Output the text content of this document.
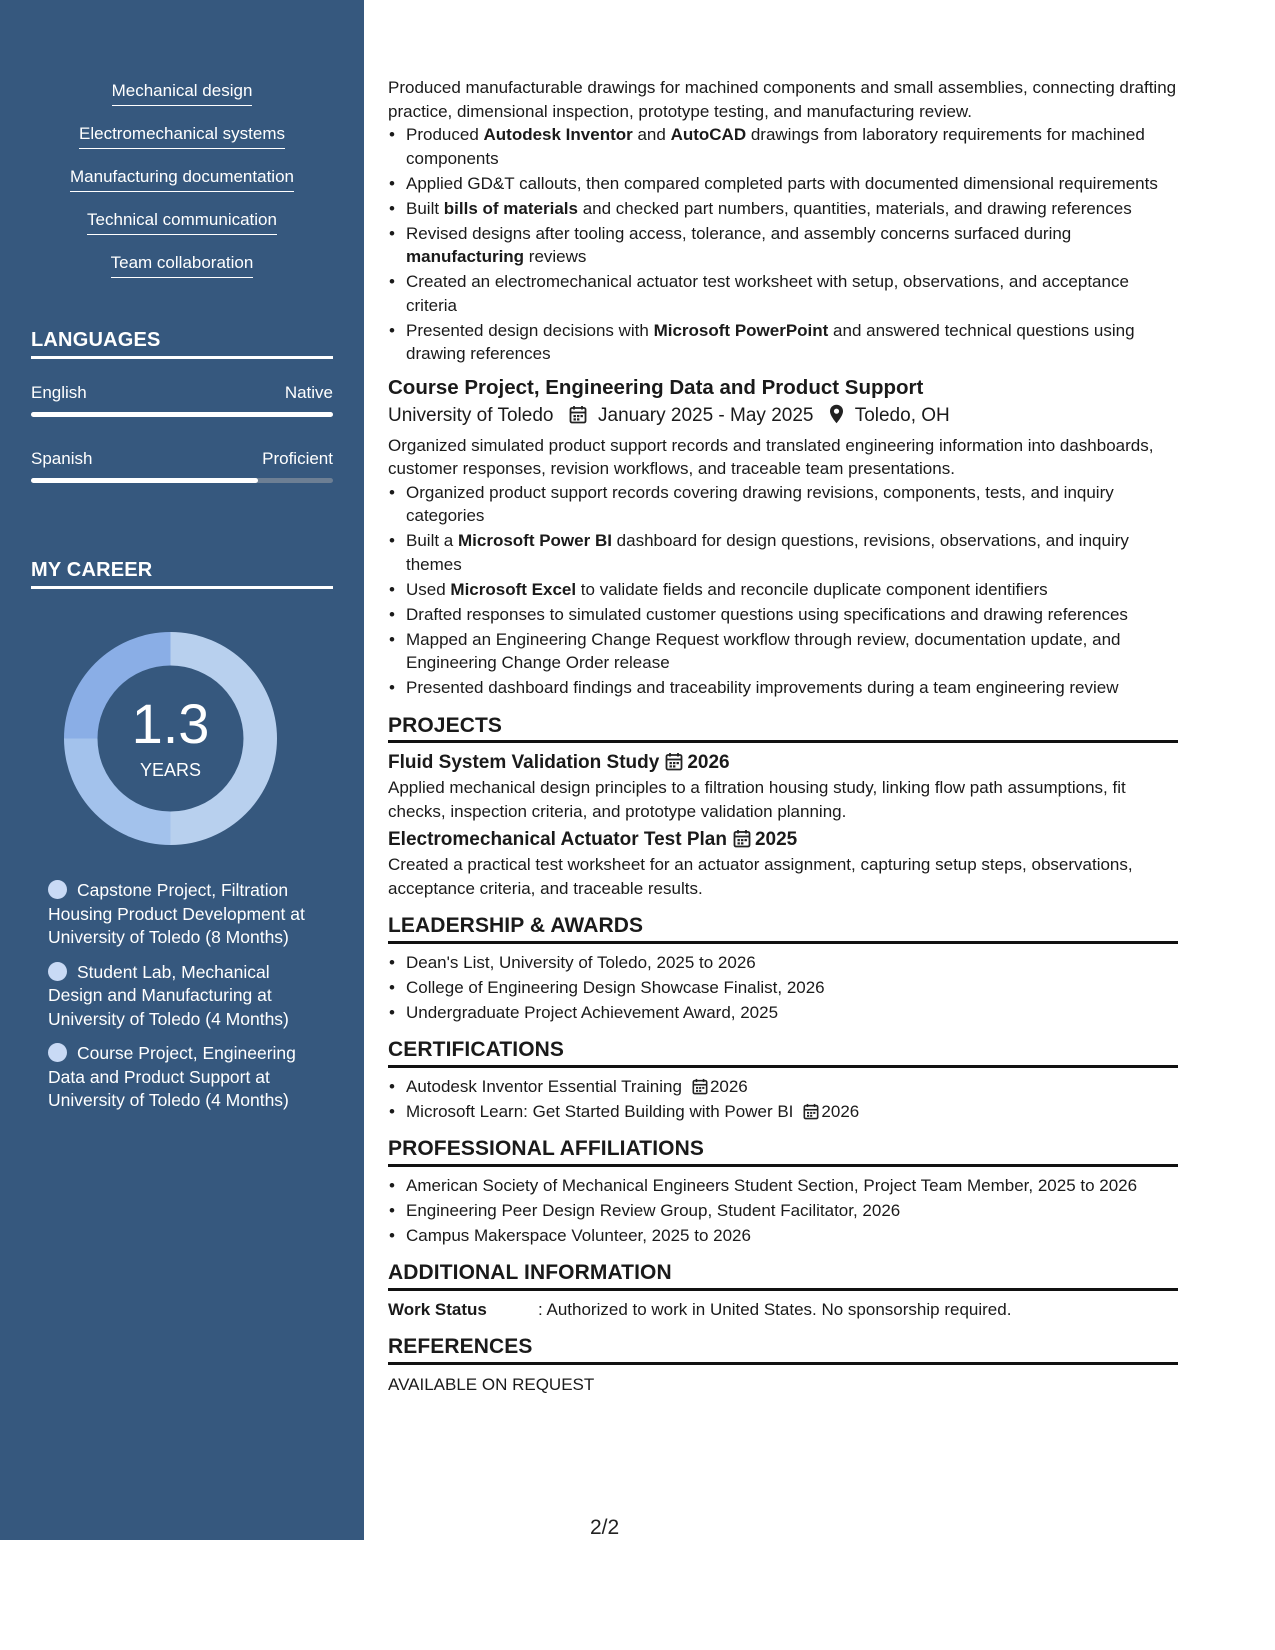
Mechanical design
Electromechanical systems
Manufacturing documentation
Technical communication
Team collaboration
LANGUAGES
English	Native
Spanish	Proficient
MY CAREER
1.3
YEARS
Capstone Project, Filtration Housing Product Development at University of Toledo (8 Months)
Student Lab, Mechanical Design and Manufacturing at University of Toledo (4 Months)
Course Project, Engineering Data and Product Support at University of Toledo (4 Months)

Produced manufacturable drawings for machined components and small assemblies, connecting drafting practice, dimensional inspection, prototype testing, and manufacturing review.

• Produced Autodesk Inventor and AutoCAD drawings from laboratory requirements for machined components
• Applied GD&T callouts, then compared completed parts with documented dimensional requirements
• Built bills of materials and checked part numbers, quantities, materials, and drawing references
• Revised designs after tooling access, tolerance, and assembly concerns surfaced during manufacturing reviews
• Created an electromechanical actuator test worksheet with setup, observations, and acceptance criteria
• Presented design decisions with Microsoft PowerPoint and answered technical questions using drawing references
Course Project, Engineering Data and Product Support
University of Toledo January 2025 - May 2025 Toledo, OH

Organized simulated product support records and translated engineering information into dashboards, customer responses, revision workflows, and traceable team presentations.

• Organized product support records covering drawing revisions, components, tests, and inquiry categories
• Built a Microsoft Power BI dashboard for design questions, revisions, observations, and inquiry themes
• Used Microsoft Excel to validate fields and reconcile duplicate component identifiers
• Drafted responses to simulated customer questions using specifications and drawing references
• Mapped an Engineering Change Request workflow through review, documentation update, and Engineering Change Order release
• Presented dashboard findings and traceability improvements during a team engineering review
PROJECTS
Fluid System Validation Study 2026

Applied mechanical design principles to a filtration housing study, linking flow path assumptions, fit checks, inspection criteria, and prototype validation planning.

Electromechanical Actuator Test Plan 2025

Created a practical test worksheet for an actuator assignment, capturing setup steps, observations, acceptance criteria, and traceable results.

LEADERSHIP & AWARDS
• Dean's List, University of Toledo, 2025 to 2026
• College of Engineering Design Showcase Finalist, 2026
• Undergraduate Project Achievement Award, 2025
CERTIFICATIONS
• Autodesk Inventor Essential Training 2026
• Microsoft Learn: Get Started Building with Power BI 2026
PROFESSIONAL AFFILIATIONS
• American Society of Mechanical Engineers Student Section, Project Team Member, 2025 to 2026
• Engineering Peer Design Review Group, Student Facilitator, 2026
• Campus Makerspace Volunteer, 2025 to 2026
ADDITIONAL INFORMATION

Work Status	: Authorized to work in United States. No sponsorship required.

REFERENCES

AVAILABLE ON REQUEST

2/2
